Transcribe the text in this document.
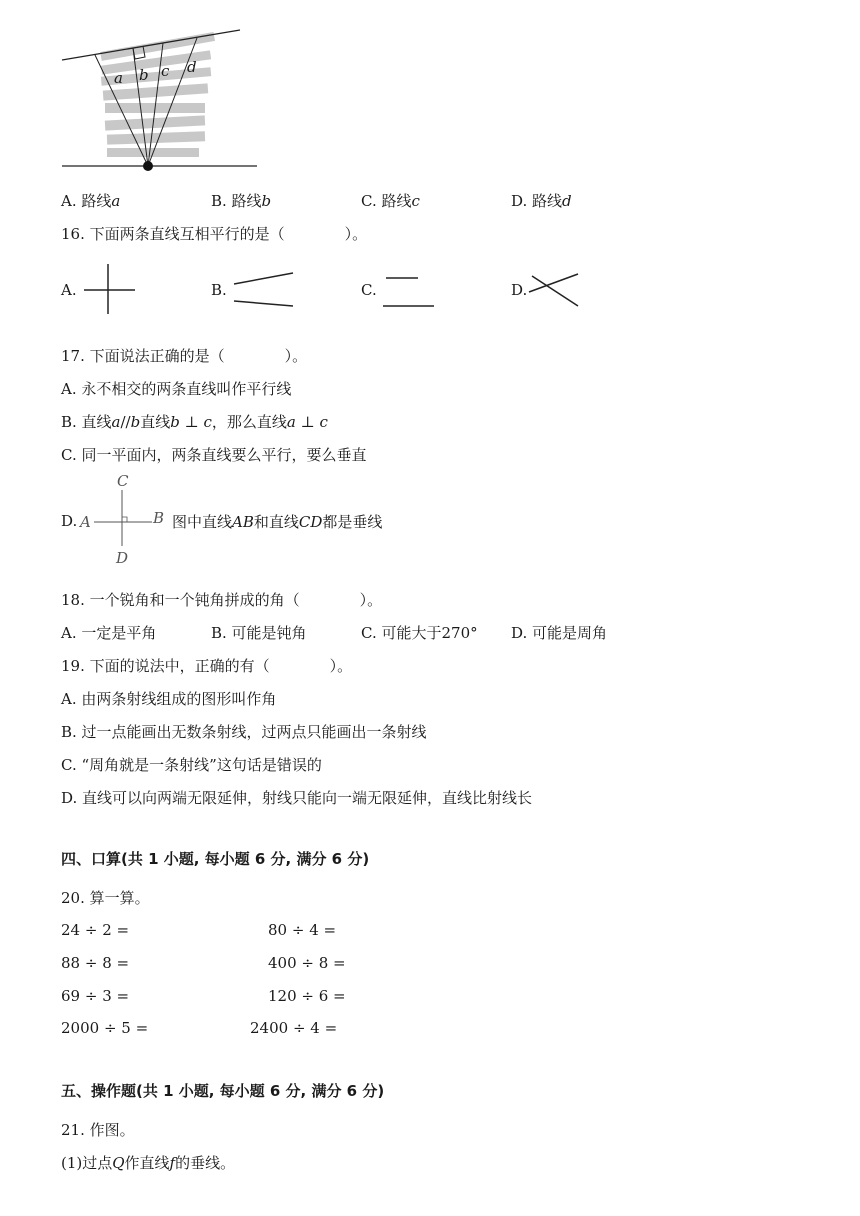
a b c d
A. 路线𝑎	B. 路线𝑏	C. 路线𝑐	D. 路线𝑑
16. 下面两条直线互相平行的是（　　　　）。
A.	B.	C.	D.
17. 下面说法正确的是（　　　　）。
A. 永不相交的两条直线叫作平行线
B. 直线𝑎//𝑏直线𝑏 ⊥ 𝑐，那么直线𝑎 ⊥ 𝑐
C. 同一平面内，两条直线要么平行，要么垂直
D.
C
A	B
D
图中直线𝐴𝐵和直线𝐶𝐷都是垂线
18. 一个锐角和一个钝角拼成的角（　　　　）。
A. 一定是平角	B. 可能是钝角	C. 可能大于270° D. 可能是周角
19. 下面的说法中，正确的有（　　　　）。
A. 由两条射线组成的图形叫作角
B. 过一点能画出无数条射线，过两点只能画出一条射线
C. “周角就是一条射线”这句话是错误的
D. 直线可以向两端无限延伸，射线只能向一端无限延伸，直线比射线长
四、口算(共 1 小题, 每小题 6 分, 满分 6 分)
20. 算一算。
24 ÷ 2 =	80 ÷ 4 =
88 ÷ 8 =	400 ÷ 8 =
69 ÷ 3 =	120 ÷ 6 =
2000 ÷ 5 =	2400 ÷ 4 =
五、操作题(共 1 小题, 每小题 6 分, 满分 6 分)
21. 作图。
(1)过点𝑄作直线𝑓的垂线。
